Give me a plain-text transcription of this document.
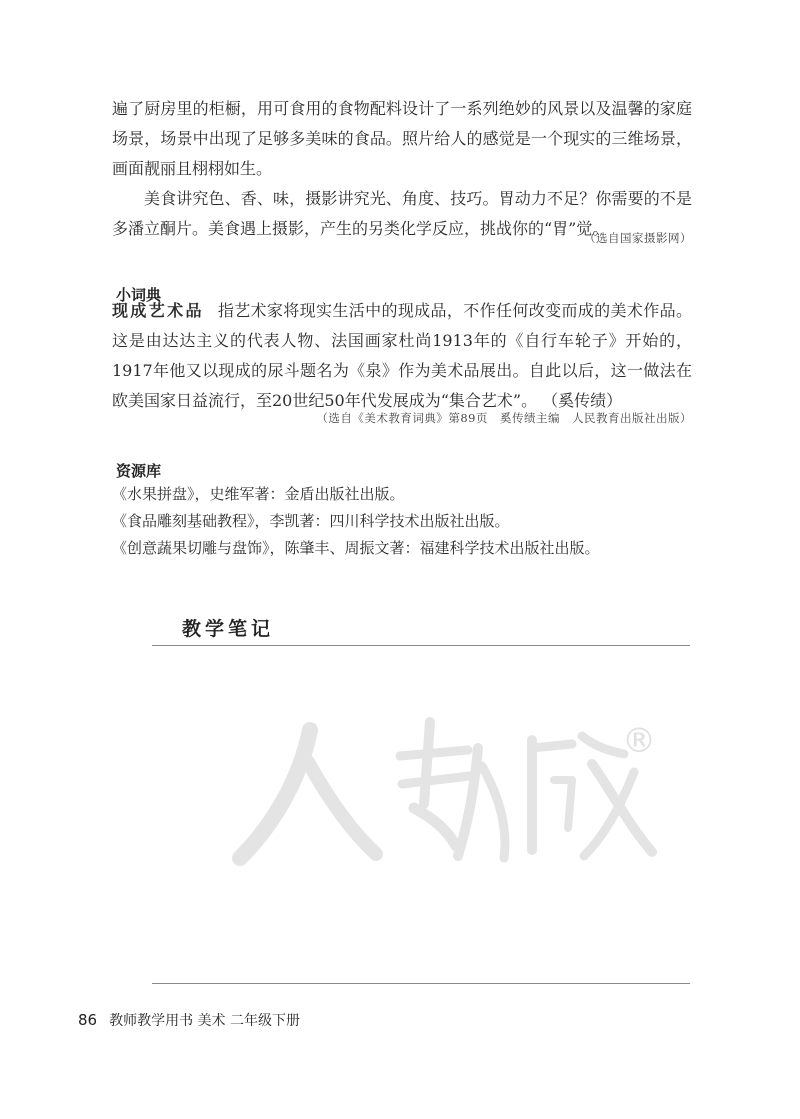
遍了厨房里的柜橱，用可食用的食物配料设计了一系列绝妙的风景以及温馨的家庭场景，场景中出现了足够多美味的食品。照片给人的感觉是一个现实的三维场景，画面靓丽且栩栩如生。

美食讲究色、香、味，摄影讲究光、角度、技巧。胃动力不足？你需要的不是多潘立酮片。美食遇上摄影，产生的另类化学反应，挑战你的“胃”觉。

（选自国家摄影网）

小词典

现成艺术品 指艺术家将现实生活中的现成品，不作任何改变而成的美术作品。这是由达达主义的代表人物、法国画家杜尚1913年的《自行车轮子》开始的，1917年他又以现成的尿斗题名为《泉》作为美术品展出。自此以后，这一做法在欧美国家日益流行，至20世纪50年代发展成为“集合艺术”。 （奚传绩）

（选自《美术教育词典》第89页　奚传绩主编　人民教育出版社出版）

资源库

《水果拼盘》，史维军著：金盾出版社出版。

《食品雕刻基础教程》，李凯著：四川科学技术出版社出版。

《创意蔬果切雕与盘饰》，陈肇丰、周振文著：福建科学技术出版社出版。

教学笔记

®

86 教师教学用书 美术 二年级下册
